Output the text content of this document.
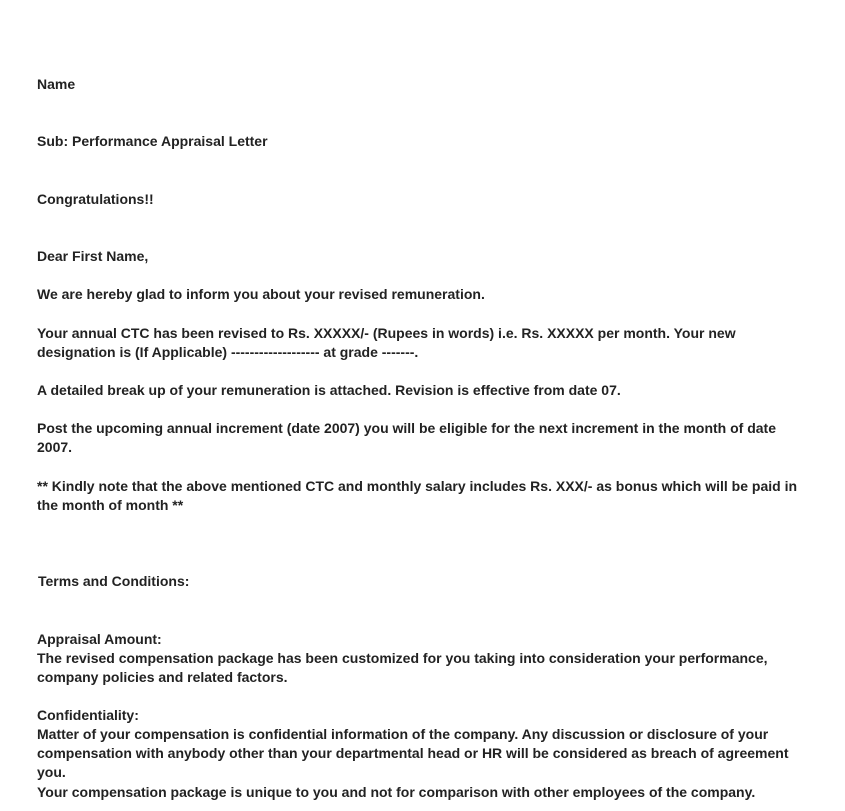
Name
Sub: Performance Appraisal Letter
Congratulations!!
Dear First Name,
We are hereby glad to inform you about your revised remuneration.
Your annual CTC has been revised to Rs. XXXXX/- (Rupees in words) i.e. Rs. XXXXX per month. Your new
designation is (If Applicable) ------------------- at grade -------.
A detailed break up of your remuneration is attached. Revision is effective from date 07.
Post the upcoming annual increment (date 2007) you will be eligible for the next increment in the month of date
2007.
** Kindly note that the above mentioned CTC and monthly salary includes Rs. XXX/- as bonus which will be paid in
the month of month **
Terms and Conditions:
Appraisal Amount:
The revised compensation package has been customized for you taking into consideration your performance,
company policies and related factors.
Confidentiality:
Matter of your compensation is confidential information of the company. Any discussion or disclosure of your
compensation with anybody other than your departmental head or HR will be considered as breach of agreement
you.
Your compensation package is unique to you and not for comparison with other employees of the company.
